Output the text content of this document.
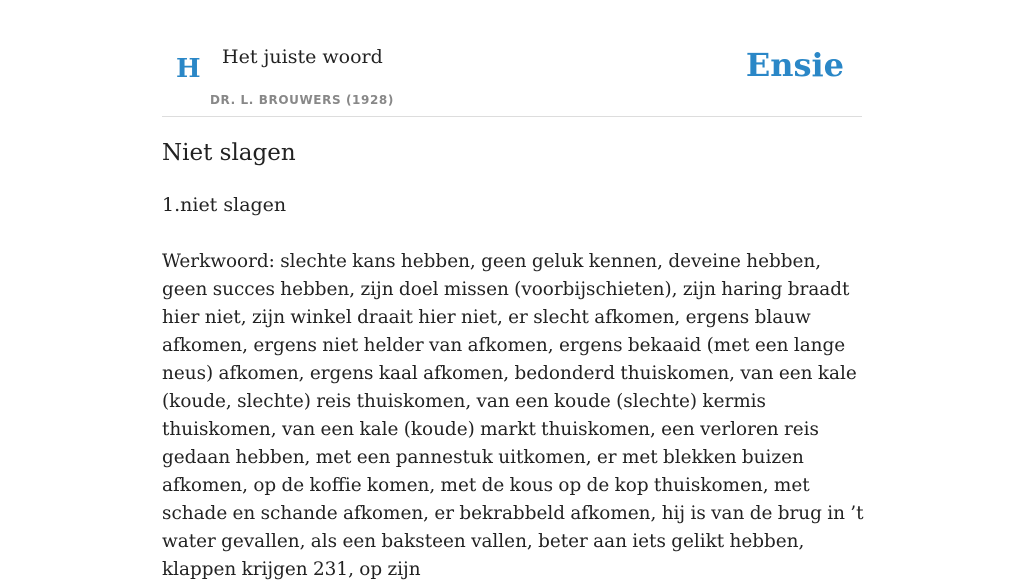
H Het juiste woord
DR. L. BROUWERS (1928)
Ensie
Niet slagen
1.niet slagen

Werkwoord: slechte kans hebben, geen geluk kennen, deveine hebben, geen succes hebben, zijn doel missen (voorbijschieten), zijn haring braadt hier niet, zijn winkel draait hier niet, er slecht afkomen, ergens blauw afkomen, ergens niet helder van afkomen, ergens bekaaid (met een lange neus) afkomen, ergens kaal afkomen, bedonderd thuiskomen, van een kale (koude, slechte) reis thuiskomen, van een koude (slechte) kermis thuiskomen, van een kale (koude) markt thuiskomen, een verloren reis gedaan hebben, met een pannestuk uitkomen, er met blekken buizen afkomen, op de koffie komen, met de kous op de kop thuiskomen, met schade en schande afkomen, er bekrabbeld afkomen, hij is van de brug in ’t water gevallen, als een baksteen vallen, beter aan iets gelikt hebben, klappen krijgen 231, op zijn
